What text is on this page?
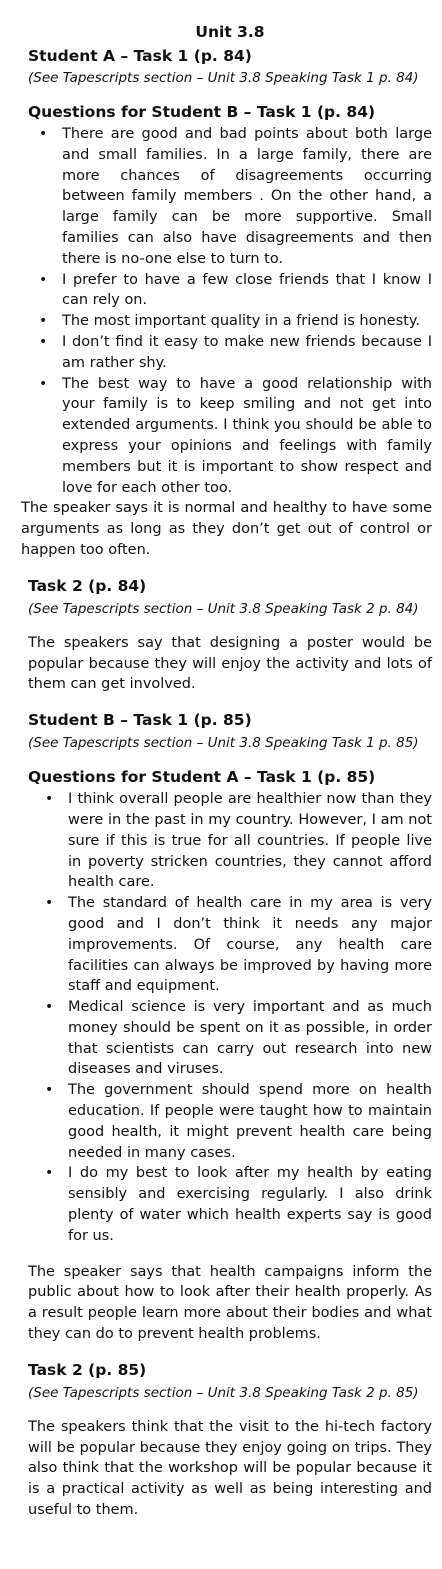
Unit 3.8
Student A – Task 1 (p. 84)
(See Tapescripts section – Unit 3.8 Speaking Task 1 p. 84)
Questions for Student B – Task 1 (p. 84)
• There are good and bad points about both large and small families. In a large family, there are more chances of disagreements occurring between family members . On the other hand, a large family can be more supportive. Small families can also have disagreements and then there is no-one else to turn to.
• I prefer to have a few close friends that I know I can rely on.
• The most important quality in a friend is honesty.
• I don’t find it easy to make new friends because I am rather shy.
• The best way to have a good relationship with your family is to keep smiling and not get into extended arguments. I think you should be able to express your opinions and feelings with family members but it is important to show respect and love for each other too.
The speaker says it is normal and healthy to have some arguments as long as they don’t get out of control or happen too often.
Task 2 (p. 84)
(See Tapescripts section – Unit 3.8 Speaking Task 2 p. 84)
The speakers say that designing a poster would be popular because they will enjoy the activity and lots of them can get involved.
Student B – Task 1 (p. 85)
(See Tapescripts section – Unit 3.8 Speaking Task 1 p. 85)
Questions for Student A – Task 1 (p. 85)
• I think overall people are healthier now than they were in the past in my country. However, I am not sure if this is true for all countries. If people live in poverty stricken countries, they cannot afford health care.
• The standard of health care in my area is very good and I don’t think it needs any major improvements. Of course, any health care facilities can always be improved by having more staff and equipment.
• Medical science is very important and as much money should be spent on it as possible, in order that scientists can carry out research into new diseases and viruses.
• The government should spend more on health education. If people were taught how to maintain good health, it might prevent health care being needed in many cases.
• I do my best to look after my health by eating sensibly and exercising regularly. I also drink plenty of water which health experts say is good for us.
The speaker says that health campaigns inform the public about how to look after their health properly. As a result people learn more about their bodies and what they can do to prevent health problems.
Task 2 (p. 85)
(See Tapescripts section – Unit 3.8 Speaking Task 2 p. 85)
The speakers think that the visit to the hi-tech factory will be popular because they enjoy going on trips. They also think that the workshop will be popular because it is a practical activity as well as being interesting and useful to them.
